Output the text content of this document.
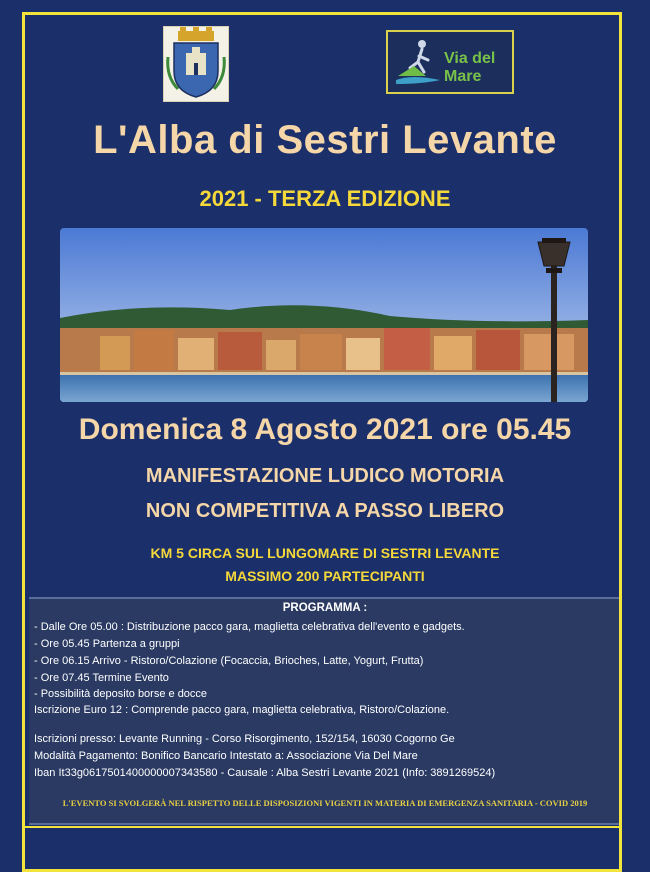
Via del Mare
L'Alba di Sestri Levante
2021 - TERZA EDIZIONE
Domenica 8 Agosto 2021 ore 05.45
MANIFESTAZIONE LUDICO MOTORIA
NON COMPETITIVA A PASSO LIBERO
KM 5 CIRCA SUL LUNGOMARE DI SESTRI LEVANTE
MASSIMO 200 PARTECIPANTI
PROGRAMMA :
- Dalle Ore 05.00 : Distribuzione pacco gara, maglietta celebrativa dell'evento e gadgets.
- Ore 05.45 Partenza a gruppi
- Ore 06.15 Arrivo - Ristoro/Colazione (Focaccia, Brioches, Latte, Yogurt, Frutta)
- Ore 07.45 Termine Evento
- Possibilità deposito borse e docce
Iscrizione Euro 12 : Comprende pacco gara, maglietta celebrativa, Ristoro/Colazione.
Iscrizioni presso: Levante Running - Corso Risorgimento, 152/154, 16030 Cogorno Ge
Modalità Pagamento: Bonifico Bancario Intestato a: Associazione Via Del Mare
Iban It33g0617501400000007343580 - Causale : Alba Sestri Levante 2021 (Info: 3891269524)
L'EVENTO SI SVOLGERÀ NEL RISPETTO DELLE DISPOSIZIONI VIGENTI IN MATERIA DI EMERGENZA SANITARIA - COVID 2019
